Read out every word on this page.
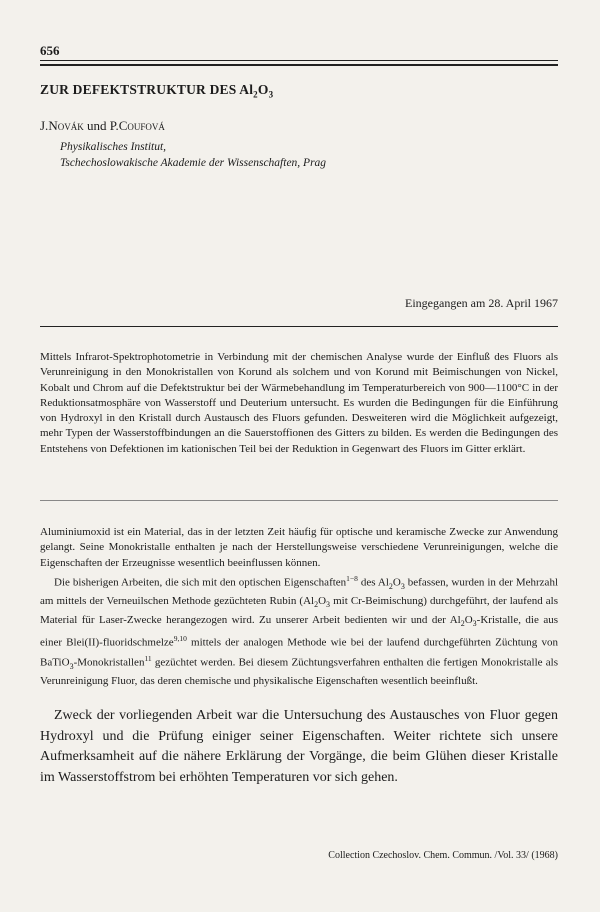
656
ZUR DEFEKTSTRUKTUR DES $Al_2O_3$
J.Novák und P.Coufová
Physikalisches Institut,
Tschechoslowakische Akademie der Wissenschaften, Prag
Eingegangen am 28. April 1967
Mittels Infrarot-Spektrophotometrie in Verbindung mit der chemischen Analyse wurde der Einfluß des Fluors als Verunreinigung in den Monokristallen von Korund als solchem und von Korund mit Beimischungen von Nickel, Kobalt und Chrom auf die Defektstruktur bei der Wärmebehandlung im Temperaturbereich von 900—1100°C in der Reduktionsatmosphäre von Wasserstoff und Deuterium untersucht. Es wurden die Bedingungen für die Einführung von Hydroxyl in den Kristall durch Austausch des Fluors gefunden. Desweiteren wird die Möglichkeit aufgezeigt, mehr Typen der Wasserstoffbindungen an die Sauerstoffionen des Gitters zu bilden. Es werden die Bedingungen des Entstehens von Defektionen im kationischen Teil bei der Reduktion in Gegenwart des Fluors im Gitter erklärt.

Aluminiumoxid ist ein Material, das in der letzten Zeit häufig für optische und keramische Zwecke zur Anwendung gelangt. Seine Monokristalle enthalten je nach der Herstellungsweise verschiedene Verunreinigungen, welche die Eigenschaften der Erzeugnisse wesentlich beeinflussen können.

Die bisherigen Arbeiten, die sich mit den optischen Eigenschaften$^{1-8}$ des $Al_2O_3$ befassen, wurden in der Mehrzahl am mittels der Verneuilschen Methode gezüchteten Rubin ($Al_2O_3$ mit Cr-Beimischung) durchgeführt, der laufend als Material für Laser-Zwecke herangezogen wird. Zu unserer Arbeit bedienten wir und der $Al_2O_3$-Kristalle, die aus einer Blei(II)-fluoridschmelze$^{9,10}$ mittels der analogen Methode wie bei der laufend durchgeführten Züchtung von BaTiO$_3$-Monokristallen$^{11}$ gezüchtet werden. Bei diesem Züchtungsverfahren enthalten die fertigen Monokristalle als Verunreinigung Fluor, das deren chemische und physikalische Eigenschaften wesentlich beeinflußt.

Zweck der vorliegenden Arbeit war die Untersuchung des Austausches von Fluor gegen Hydroxyl und die Prüfung einiger seiner Eigenschaften. Weiter richtete sich unsere Aufmerksamheit auf die nähere Erklärung der Vorgänge, die beim Glühen dieser Kristalle im Wasserstoffstrom bei erhöhten Temperaturen vor sich gehen.
Collection Czechoslov. Chem. Commun. /Vol. 33/ (1968)
